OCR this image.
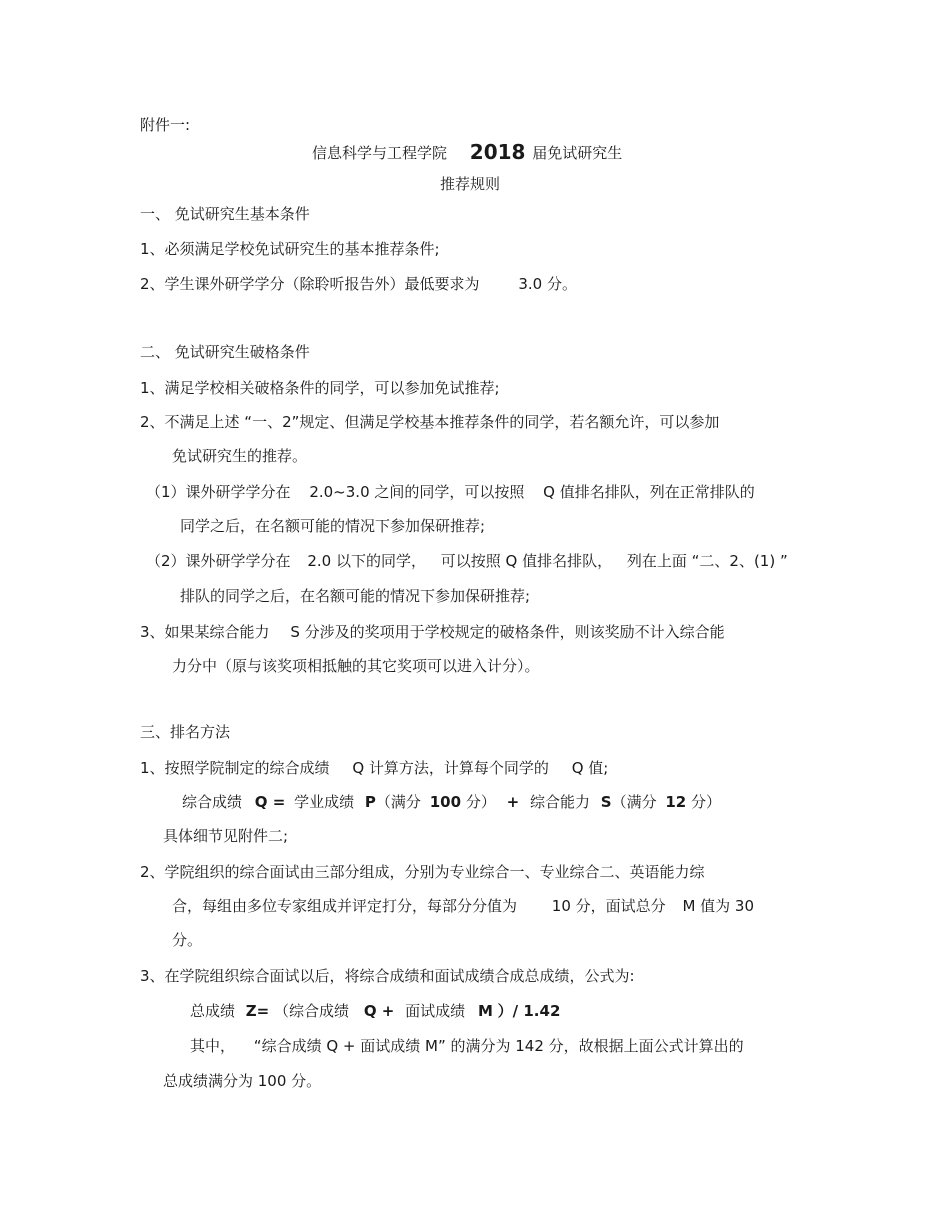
附件一:
信息科学与工程学院 2018 届免试研究生
推荐规则
一、 免试研究生基本条件
1、必须满足学校免试研究生的基本推荐条件;
2、学生课外研学学分（除聆听报告外）最低要求为	3.0 分。
二、 免试研究生破格条件
1、满足学校相关破格条件的同学，可以参加免试推荐;
2、不满足上述 “一、2”规定、但满足学校基本推荐条件的同学，若名额允许，可以参加
免试研究生的推荐。
（1）课外研学学分在 2.0~3.0 之间的同学，可以按照 Q 值排名排队，列在正常排队的
同学之后，在名额可能的情况下参加保研推荐;
（2）课外研学学分在 2.0 以下的同学， 可以按照 Q 值排名排队， 列在上面 “二、2、(1) ”
排队的同学之后，在名额可能的情况下参加保研推荐;
3、如果某综合能力 S 分涉及的奖项用于学校规定的破格条件，则该奖励不计入综合能
力分中（原与该奖项相抵触的其它奖项可以进入计分）。
三、排名方法
1、按照学院制定的综合成绩 Q 计算方法，计算每个同学的 Q 值;
综合成绩 Q = 学业成绩 P（满分 100 分） + 综合能力 S（满分 12 分）
具体细节见附件二;
2、学院组织的综合面试由三部分组成，分别为专业综合一、专业综合二、英语能力综
合，每组由多位专家组成并评定打分，每部分分值为 10 分，面试总分 M 值为 30
分。
3、在学院组织综合面试以后，将综合成绩和面试成绩合成总成绩，公式为:
总成绩 Z= （综合成绩 Q + 面试成绩 M ）/ 1.42
其中， “综合成绩 Q + 面试成绩 M” 的满分为 142 分，故根据上面公式计算出的
总成绩满分为 100 分。
